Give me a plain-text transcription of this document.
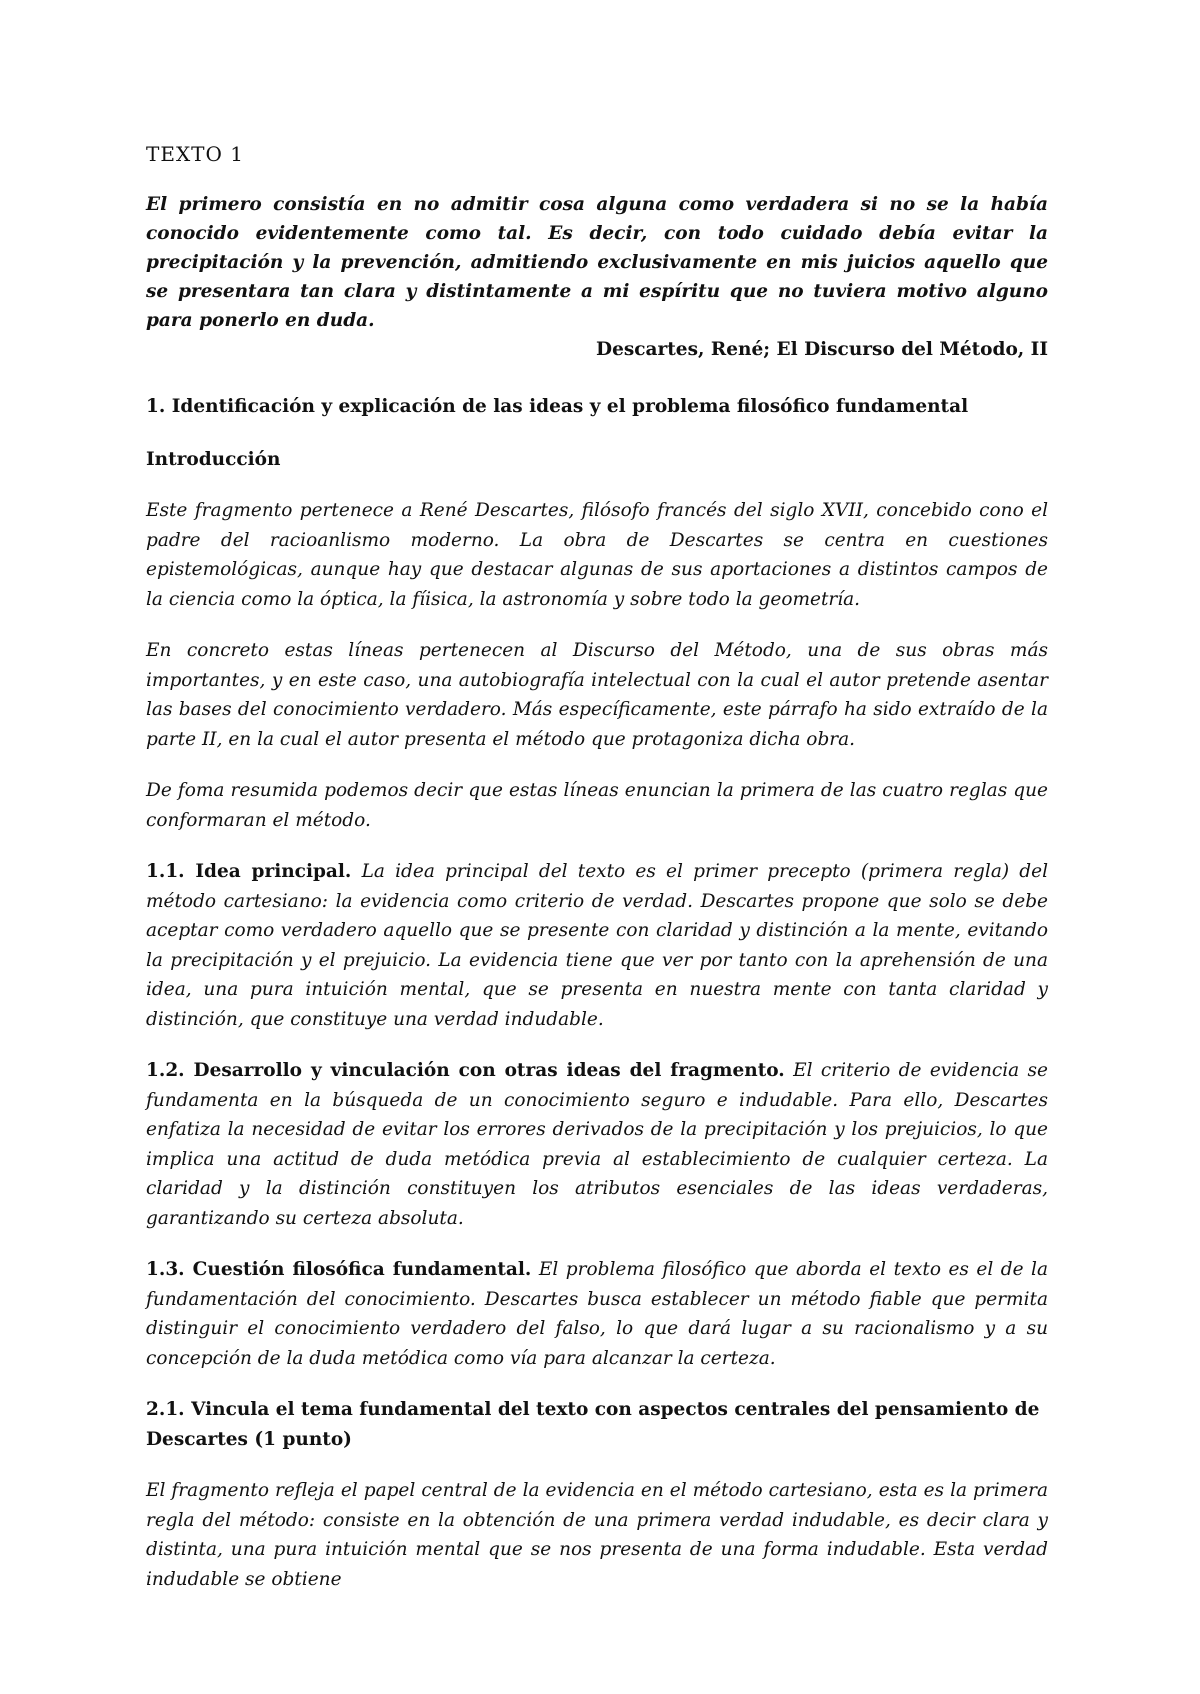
TEXTO 1

El primero consistía en no admitir cosa alguna como verdadera si no se la había conocido evidentemente como tal. Es decir, con todo cuidado debía evitar la precipitación y la prevención, admitiendo exclusivamente en mis juicios aquello que se presentara tan clara y distintamente a mi espíritu que no tuviera motivo alguno para ponerlo en duda.

Descartes, René; El Discurso del Método, II

1. Identificación y explicación de las ideas y el problema filosófico fundamental

Introducción

Este fragmento pertenece a René Descartes, filósofo francés del siglo XVII, concebido cono el padre del racioanlismo moderno. La obra de Descartes se centra en cuestiones epistemológicas, aunque hay que destacar algunas de sus aportaciones a distintos campos de la ciencia como la óptica, la fíisica, la astronomía y sobre todo la geometría.

En concreto estas líneas pertenecen al Discurso del Método, una de sus obras más importantes, y en este caso, una autobiografía intelectual con la cual el autor pretende asentar las bases del conocimiento verdadero. Más específicamente, este párrafo ha sido extraído de la parte II, en la cual el autor presenta el método que protagoniza dicha obra.

De foma resumida podemos decir que estas líneas enuncian la primera de las cuatro reglas que conformaran el método.

1.1. Idea principal. La idea principal del texto es el primer precepto (primera regla) del método cartesiano: la evidencia como criterio de verdad. Descartes propone que solo se debe aceptar como verdadero aquello que se presente con claridad y distinción a la mente, evitando la precipitación y el prejuicio. La evidencia tiene que ver por tanto con la aprehensión de una idea, una pura intuición mental, que se presenta en nuestra mente con tanta claridad y distinción, que constituye una verdad indudable.

1.2. Desarrollo y vinculación con otras ideas del fragmento. El criterio de evidencia se fundamenta en la búsqueda de un conocimiento seguro e indudable. Para ello, Descartes enfatiza la necesidad de evitar los errores derivados de la precipitación y los prejuicios, lo que implica una actitud de duda metódica previa al establecimiento de cualquier certeza. La claridad y la distinción constituyen los atributos esenciales de las ideas verdaderas, garantizando su certeza absoluta.

1.3. Cuestión filosófica fundamental. El problema filosófico que aborda el texto es el de la fundamentación del conocimiento. Descartes busca establecer un método fiable que permita distinguir el conocimiento verdadero del falso, lo que dará lugar a su racionalismo y a su concepción de la duda metódica como vía para alcanzar la certeza.

2.1. Vincula el tema fundamental del texto con aspectos centrales del pensamiento de Descartes (1 punto)

El fragmento refleja el papel central de la evidencia en el método cartesiano, esta es la primera regla del método: consiste en la obtención de una primera verdad indudable, es decir clara y distinta, una pura intuición mental que se nos presenta de una forma indudable. Esta verdad indudable se obtiene
